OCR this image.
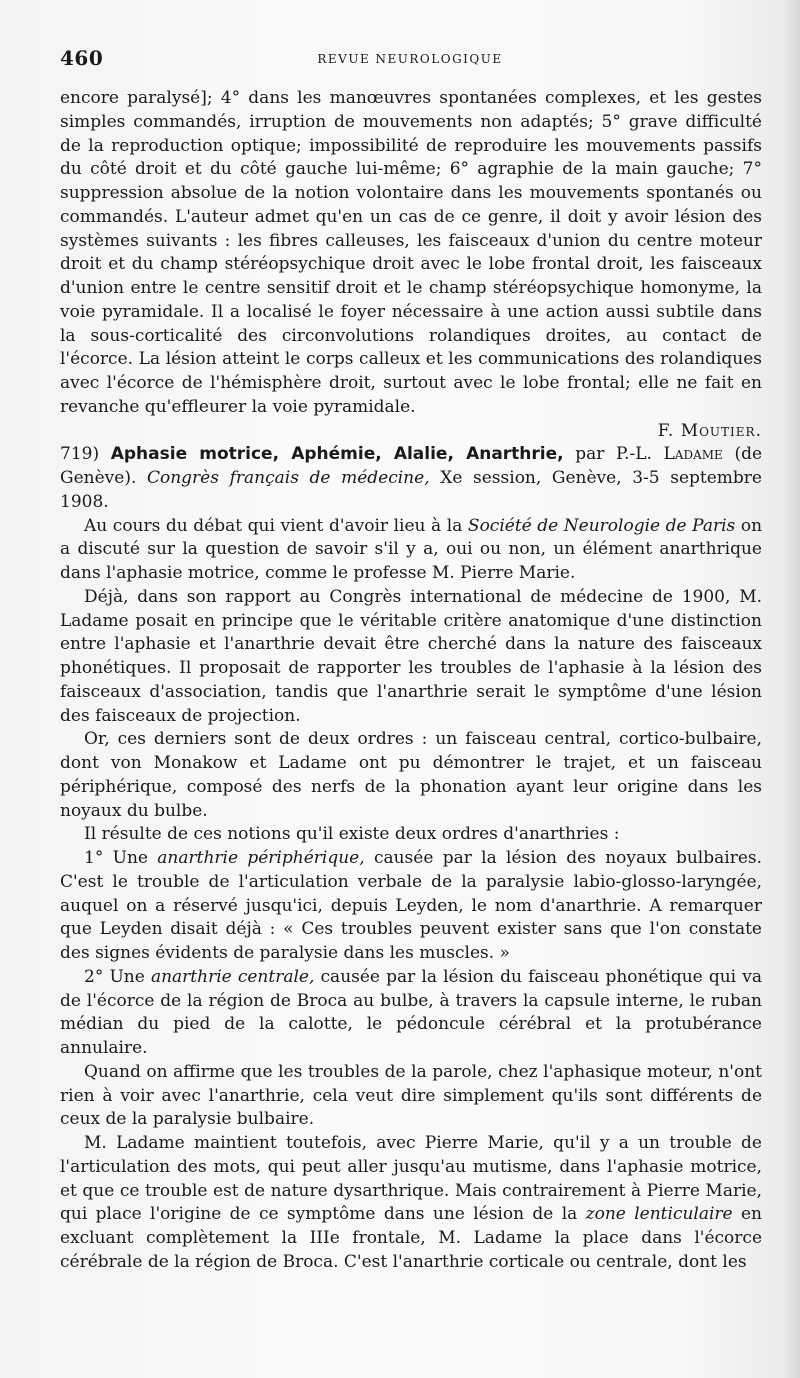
460	REVUE NEUROLOGIQUE

encore paralysé]; 4° dans les manœuvres spontanées complexes, et les gestes simples commandés, irruption de mouvements non adaptés; 5° grave difficulté de la reproduction optique; impossibilité de reproduire les mouvements passifs du côté droit et du côté gauche lui-même; 6° agraphie de la main gauche; 7° suppression absolue de la notion volontaire dans les mouvements spontanés ou commandés. L'auteur admet qu'en un cas de ce genre, il doit y avoir lésion des systèmes suivants : les fibres calleuses, les faisceaux d'union du centre moteur droit et du champ stéréopsychique droit avec le lobe frontal droit, les faisceaux d'union entre le centre sensitif droit et le champ stéréopsychique homonyme, la voie pyramidale. Il a localisé le foyer nécessaire à une action aussi subtile dans la sous-corticalité des circonvolutions rolandiques droites, au contact de l'écorce. La lésion atteint le corps calleux et les communications des rolandiques avec l'écorce de l'hémisphère droit, surtout avec le lobe frontal; elle ne fait en revanche qu'effleurer la voie pyramidale.

F. Moutier.

719) Aphasie motrice, Aphémie, Alalie, Anarthrie, par P.-L. Ladame (de Genève). Congrès français de médecine, Xe session, Genève, 3-5 septembre 1908.

Au cours du débat qui vient d'avoir lieu à la Société de Neurologie de Paris on a discuté sur la question de savoir s'il y a, oui ou non, un élément anarthrique dans l'aphasie motrice, comme le professe M. Pierre Marie.

Déjà, dans son rapport au Congrès international de médecine de 1900, M. Ladame posait en principe que le véritable critère anatomique d'une distinction entre l'aphasie et l'anarthrie devait être cherché dans la nature des faisceaux phonétiques. Il proposait de rapporter les troubles de l'aphasie à la lésion des faisceaux d'association, tandis que l'anarthrie serait le symptôme d'une lésion des faisceaux de projection.

Or, ces derniers sont de deux ordres : un faisceau central, cortico-bulbaire, dont von Monakow et Ladame ont pu démontrer le trajet, et un faisceau périphérique, composé des nerfs de la phonation ayant leur origine dans les noyaux du bulbe.

Il résulte de ces notions qu'il existe deux ordres d'anarthries :

1° Une anarthrie périphérique, causée par la lésion des noyaux bulbaires. C'est le trouble de l'articulation verbale de la paralysie labio-glosso-laryngée, auquel on a réservé jusqu'ici, depuis Leyden, le nom d'anarthrie. A remarquer que Leyden disait déjà : « Ces troubles peuvent exister sans que l'on constate des signes évidents de paralysie dans les muscles. »

2° Une anarthrie centrale, causée par la lésion du faisceau phonétique qui va de l'écorce de la région de Broca au bulbe, à travers la capsule interne, le ruban médian du pied de la calotte, le pédoncule cérébral et la protubérance annulaire.

Quand on affirme que les troubles de la parole, chez l'aphasique moteur, n'ont rien à voir avec l'anarthrie, cela veut dire simplement qu'ils sont différents de ceux de la paralysie bulbaire.

M. Ladame maintient toutefois, avec Pierre Marie, qu'il y a un trouble de l'articulation des mots, qui peut aller jusqu'au mutisme, dans l'aphasie motrice, et que ce trouble est de nature dysarthrique. Mais contrairement à Pierre Marie, qui place l'origine de ce symptôme dans une lésion de la zone lenticulaire en excluant complètement la IIIe frontale, M. Ladame la place dans l'écorce cérébrale de la région de Broca. C'est l'anarthrie corticale ou centrale, dont les
